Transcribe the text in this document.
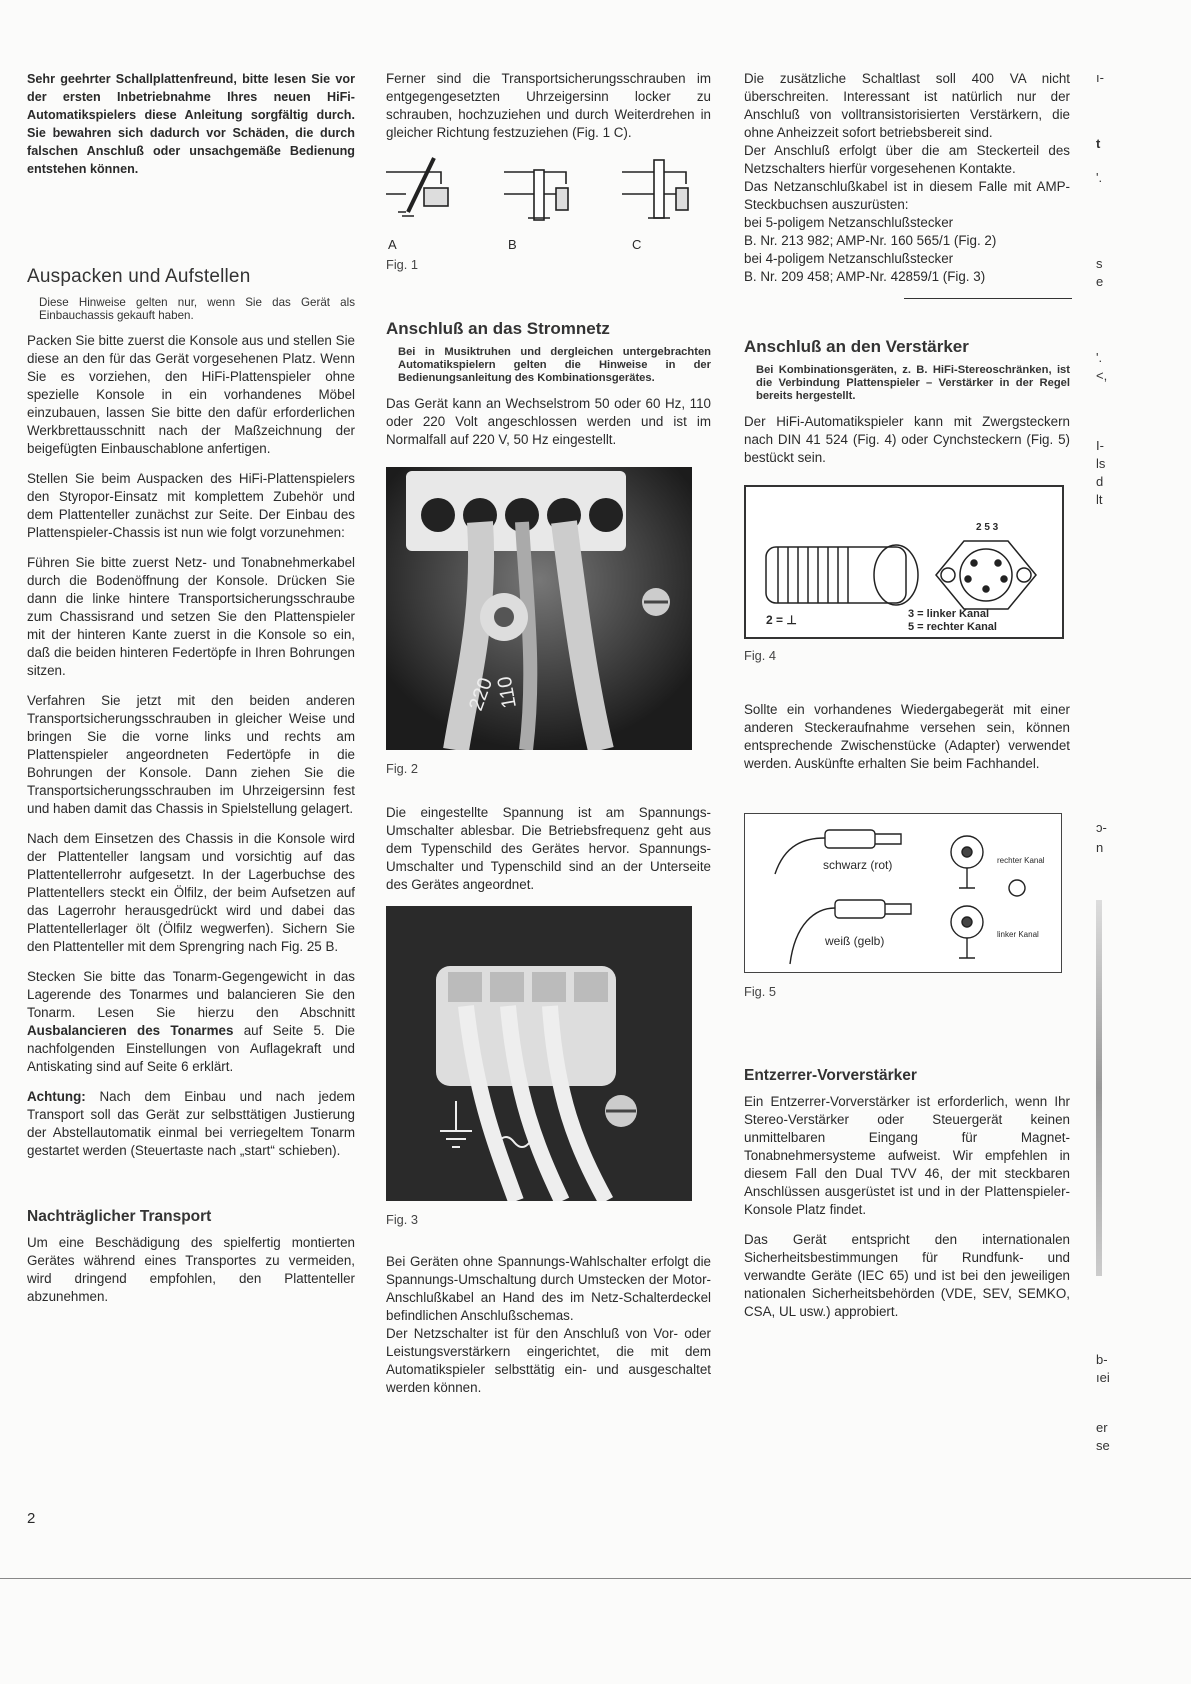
Sehr geehrter Schallplattenfreund, bitte lesen Sie vor der ersten Inbetriebnahme Ihres neuen HiFi-Automatikspielers diese Anleitung sorgfältig durch. Sie bewahren sich dadurch vor Schäden, die durch falschen Anschluß oder unsachgemäße Bedienung entstehen können.

Auspacken und Aufstellen

Diese Hinweise gelten nur, wenn Sie das Gerät als Einbauchassis gekauft haben.

Packen Sie bitte zuerst die Konsole aus und stellen Sie diese an den für das Gerät vorgesehenen Platz. Wenn Sie es vorziehen, den HiFi-Plattenspieler ohne spezielle Konsole in ein vorhandenes Möbel einzubauen, lassen Sie bitte den dafür erforderlichen Werkbrettausschnitt nach der Maßzeichnung der beigefügten Einbauschablone anfertigen.

Stellen Sie beim Auspacken des HiFi-Plattenspielers den Styropor-Einsatz mit komplettem Zubehör und dem Plattenteller zunächst zur Seite. Der Einbau des Plattenspieler-Chassis ist nun wie folgt vorzunehmen:

Führen Sie bitte zuerst Netz- und Tonabnehmerkabel durch die Bodenöffnung der Konsole. Drücken Sie dann die linke hintere Transportsicherungsschraube zum Chassisrand und setzen Sie den Plattenspieler mit der hinteren Kante zuerst in die Konsole so ein, daß die beiden hinteren Federtöpfe in Ihren Bohrungen sitzen.

Verfahren Sie jetzt mit den beiden anderen Transportsicherungsschrauben in gleicher Weise und bringen Sie die vorne links und rechts am Plattenspieler angeordneten Federtöpfe in die Bohrungen der Konsole. Dann ziehen Sie die Transportsicherungsschrauben im Uhrzeigersinn fest und haben damit das Chassis in Spielstellung gelagert.

Nach dem Einsetzen des Chassis in die Konsole wird der Plattenteller langsam und vorsichtig auf das Plattentellerrohr aufgesetzt. In der Lagerbuchse des Plattentellers steckt ein Ölfilz, der beim Aufsetzen auf das Lagerrohr herausgedrückt wird und dabei das Plattentellerlager ölt (Ölfilz wegwerfen). Sichern Sie den Plattenteller mit dem Sprengring nach Fig. 25 B.

Stecken Sie bitte das Tonarm-Gegengewicht in das Lagerende des Tonarmes und balancieren Sie den Tonarm. Lesen Sie hierzu den Abschnitt Ausbalancieren des Tonarmes auf Seite 5. Die nachfolgenden Einstellungen von Auflagekraft und Antiskating sind auf Seite 6 erklärt.

Achtung: Nach dem Einbau und nach jedem Transport soll das Gerät zur selbsttätigen Justierung der Abstellautomatik einmal bei verriegeltem Tonarm gestartet werden (Steuertaste nach „start“ schieben).

Nachträglicher Transport

Um eine Beschädigung des spielfertig montierten Gerätes während eines Transportes zu vermeiden, wird dringend empfohlen, den Plattenteller abzunehmen.

Ferner sind die Transportsicherungsschrauben im entgegengesetzten Uhrzeigersinn locker zu schrauben, hochzuziehen und durch Weiterdrehen in gleicher Richtung festzuziehen (Fig. 1 C).

A	B	C

Fig. 1

Anschluß an das Stromnetz

Bei in Musiktruhen und dergleichen untergebrachten Automatikspielern gelten die Hinweise in der Bedienungsanleitung des Kombinationsgerätes.

Das Gerät kann an Wechselstrom 50 oder 60 Hz, 110 oder 220 Volt angeschlossen werden und ist im Normalfall auf 220 V, 50 Hz eingestellt.

220
110

Fig. 2

Die eingestellte Spannung ist am Spannungs-Umschalter ablesbar. Die Betriebsfrequenz geht aus dem Typenschild des Gerätes hervor. Spannungs-Umschalter und Typenschild sind an der Unterseite des Gerätes angeordnet.

Fig. 3

Bei Geräten ohne Spannungs-Wahlschalter erfolgt die Spannungs-Umschaltung durch Umstecken der Motor-Anschlußkabel an Hand des im Netz-Schalterdeckel befindlichen Anschlußschemas.

Der Netzschalter ist für den Anschluß von Vor- oder Leistungsverstärkern eingerichtet, die mit dem Automatikspieler selbsttätig ein- und ausgeschaltet werden können.

Die zusätzliche Schaltlast soll 400 VA nicht überschreiten. Interessant ist natürlich nur der Anschluß von volltransistorisierten Verstärkern, die ohne Anheizzeit sofort betriebsbereit sind.

Der Anschluß erfolgt über die am Steckerteil des Netzschalters hierfür vorgesehenen Kontakte.

Das Netzanschlußkabel ist in diesem Falle mit AMP-Steckbuchsen auszurüsten:

bei 5-poligem Netzanschlußstecker

B. Nr. 213 982; AMP-Nr. 160 565/1 (Fig. 2)

bei 4-poligem Netzanschlußstecker

B. Nr. 209 458; AMP-Nr. 42859/1 (Fig. 3)

Anschluß an den Verstärker

Bei Kombinationsgeräten, z. B. HiFi-Stereoschränken, ist die Verbindung Plattenspieler – Verstärker in der Regel bereits hergestellt.

Der HiFi-Automatikspieler kann mit Zwergsteckern nach DIN 41 524 (Fig. 4) oder Cynchsteckern (Fig. 5) bestückt sein.

2 5 3
2 = ⊥	3 = linker Kanal
5 = rechter Kanal

Fig. 4

Sollte ein vorhandenes Wiedergabegerät mit einer anderen Steckeraufnahme versehen sein, können entsprechende Zwischenstücke (Adapter) verwendet werden. Auskünfte erhalten Sie beim Fachhandel.

schwarz (rot)
weiß (gelb)
rechter Kanal
linker Kanal

Fig. 5

Entzerrer-Vorverstärker

Ein Entzerrer-Vorverstärker ist erforderlich, wenn Ihr Stereo-Verstärker oder Steuergerät keinen unmittelbaren Eingang für Magnet-Tonabnehmersysteme aufweist. Wir empfehlen in diesem Fall den Dual TVV 46, der mit steckbaren Anschlüssen ausgerüstet ist und in der Plattenspieler-Konsole Platz findet.

Das Gerät entspricht den internationalen Sicherheitsbestimmungen für Rundfunk- und verwandte Geräte (IEC 65) und ist bei den jeweiligen nationalen Sicherheitsbehörden (VDE, SEV, SEMKO, CSA, UL usw.) approbiert.

ı-
t
'.
s
e
'.
<,
I-
ls
d
lt
ɔ-
n
b-
ıei
er
se
2
